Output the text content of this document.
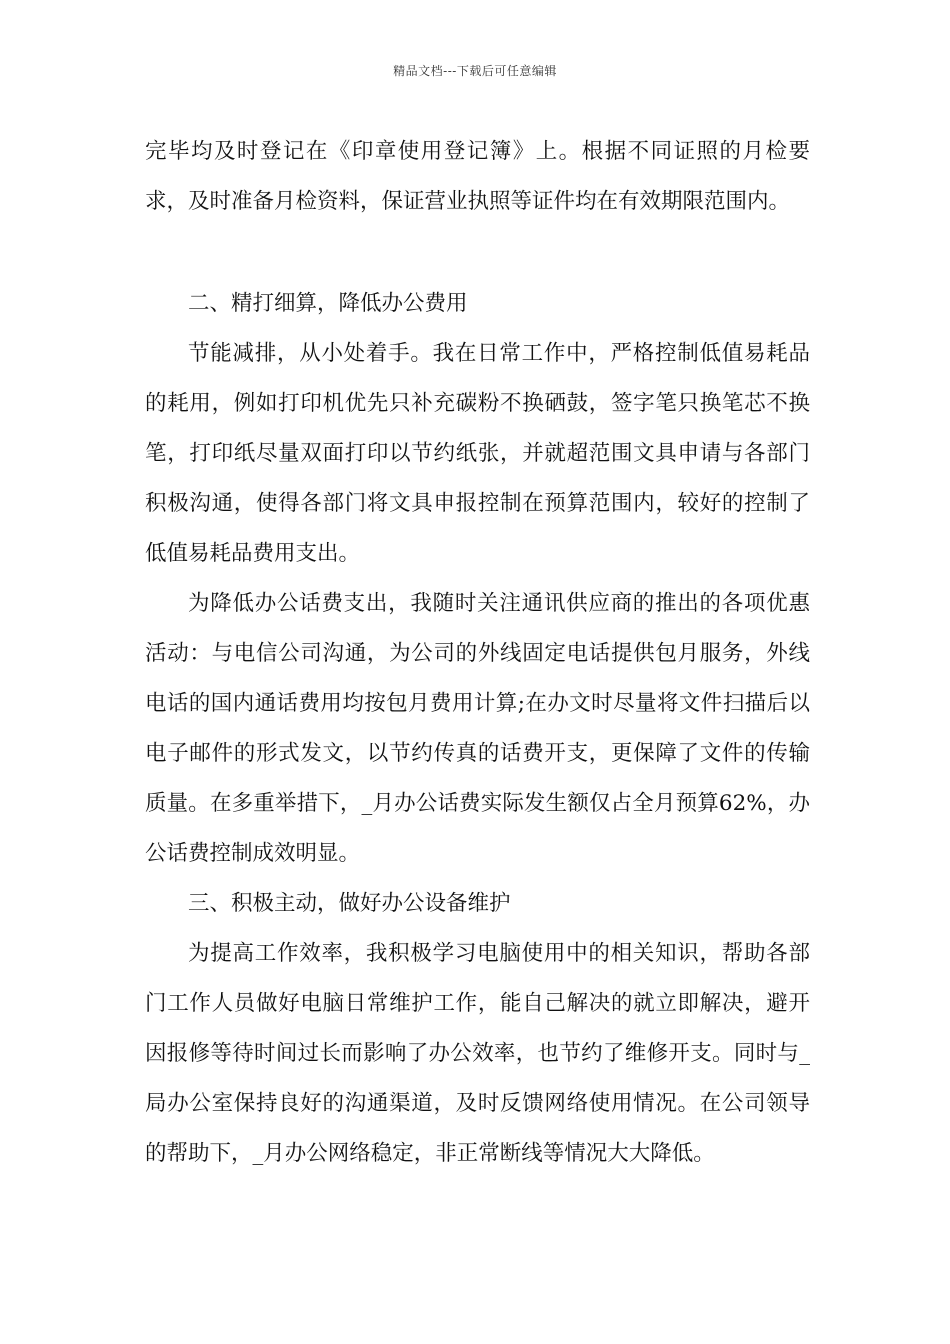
精品文档---下载后可任意编辑

完毕均及时登记在《印章使用登记簿》上。根据不同证照的月检要求，及时准备月检资料，保证营业执照等证件均在有效期限范围内。

二、精打细算，降低办公费用

节能减排，从小处着手。我在日常工作中，严格控制低值易耗品的耗用，例如打印机优先只补充碳粉不换硒鼓，签字笔只换笔芯不换笔，打印纸尽量双面打印以节约纸张，并就超范围文具申请与各部门积极沟通，使得各部门将文具申报控制在预算范围内，较好的控制了低值易耗品费用支出。

为降低办公话费支出，我随时关注通讯供应商的推出的各项优惠活动：与电信公司沟通，为公司的外线固定电话提供包月服务，外线电话的国内通话费用均按包月费用计算;在办文时尽量将文件扫描后以电子邮件的形式发文，以节约传真的话费开支，更保障了文件的传输质量。在多重举措下，_月办公话费实际发生额仅占全月预算62%，办公话费控制成效明显。

三、积极主动，做好办公设备维护

为提高工作效率，我积极学习电脑使用中的相关知识，帮助各部门工作人员做好电脑日常维护工作，能自己解决的就立即解决，避开因报修等待时间过长而影响了办公效率，也节约了维修开支。同时与_局办公室保持良好的沟通渠道，及时反馈网络使用情况。在公司领导的帮助下，_月办公网络稳定，非正常断线等情况大大降低。
